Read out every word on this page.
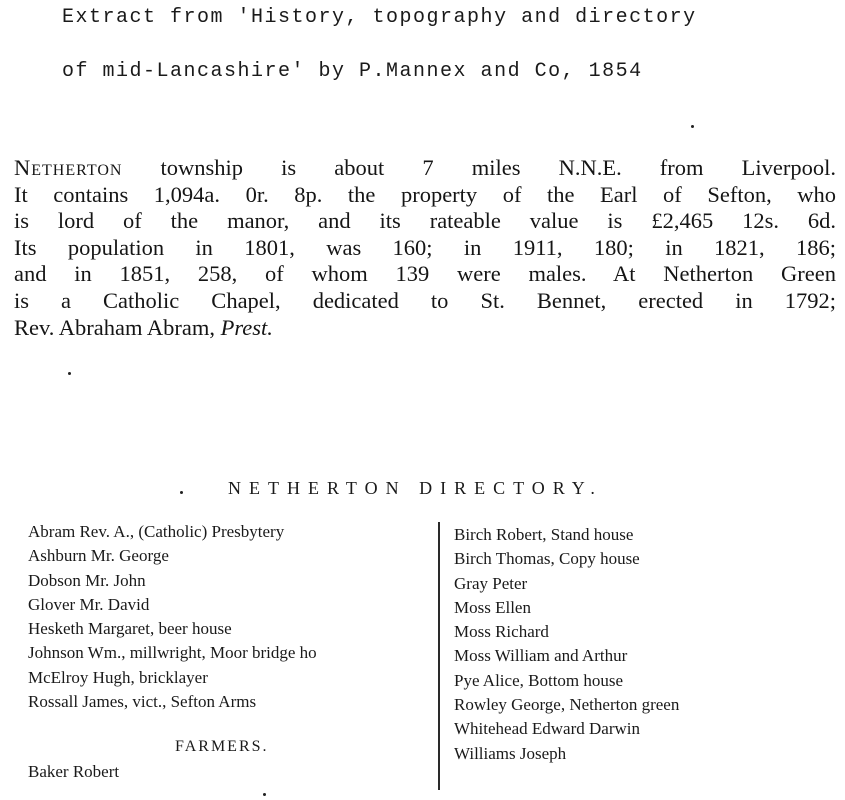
Extract from 'History, topography and directory
of mid-Lancashire' by P.Mannex and Co, 1854
Netherton township is about 7 miles N.N.E. from Liverpool.
It contains 1,094a. 0r. 8p. the property of the Earl of Sefton, who
is lord of the manor, and its rateable value is £2,465 12s. 6d.
Its population in 1801, was 160; in 1911, 180; in 1821, 186;
and in 1851, 258, of whom 139 were males. At Netherton Green
is a Catholic Chapel, dedicated to St. Bennet, erected in 1792;
Rev. Abraham Abram, Prest.
NETHERTON DIRECTORY.
Abram Rev. A., (Catholic) Presbytery
Ashburn Mr. George
Dobson Mr. John
Glover Mr. David
Hesketh Margaret, beer house
Johnson Wm., millwright, Moor bridge ho
McElroy Hugh, bricklayer
Rossall James, vict., Sefton Arms
FARMERS.
Baker Robert
Birch Robert, Stand house
Birch Thomas, Copy house
Gray Peter
Moss Ellen
Moss Richard
Moss William and Arthur
Pye Alice, Bottom house
Rowley George, Netherton green
Whitehead Edward Darwin
Williams Joseph
